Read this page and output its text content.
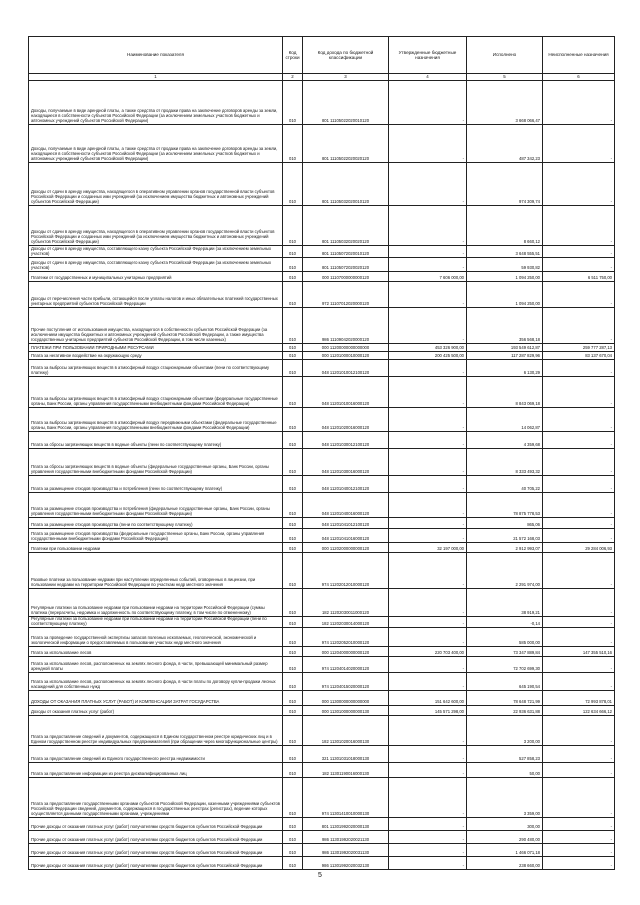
Наименование показателя	Код строки	Код дохода по бюджетной классификации	Утвержденные бюджетные назначения	Исполнено	Неисполненные назначения
1	2	3	4	5	6
Доходы, получаемые в виде арендной платы, а также средства от продажи права на заключение договоров аренды за земли, находящиеся в собственности субъектов Российской Федерации (за исключением земельных участков бюджетных и автономных учреждений субъектов Российской Федерации)	010	801 11105022020010120	-	3 668 066,47	-
Доходы, получаемые в виде арендной платы, а также средства от продажи права на заключение договоров аренды за земли, находящиеся в собственности субъектов Российской Федерации (за исключением земельных участков бюджетных и автономных учреждений субъектов Российской Федерации)	010	801 11105022020020120	-	487 342,23	-
Доходы от сдачи в аренду имущества, находящегося в оперативном управлении органов государственной власти субъектов Российской Федерации и созданных ими учреждений (за исключением имущества бюджетных и автономных учреждений субъектов Российской Федерации)	010	801 11105032020010120	-	974 309,74	-
Доходы от сдачи в аренду имущества, находящегося в оперативном управлении органов государственной власти субъектов Российской Федерации и созданных ими учреждений (за исключением имущества бюджетных и автономных учреждений субъектов Российской Федерации)	010	801 11105032020020120	-	8 660,12	-
Доходы от сдачи в аренду имущества, составляющего казну субъекта Российской Федерации (за исключением земельных участков)	010	801 11105072020010120	-	3 648 555,51	-
Доходы от сдачи в аренду имущества, составляющего казну субъекта Российской Федерации (за исключением земельных участков)	010	801 11105072020020120	-	59 930,82	-
Платежи от государственных и муниципальных унитарных предприятий	010	000 11107000000000120	7 606 000,00	1 094 250,00	6 511 750,00
Доходы от перечисления части прибыли, остающейся после уплаты налогов и иных обязательных платежей государственных унитарных предприятий субъектов Российской Федерации	010	972 11107012020000120	-	1 094 250,00	-
Прочие поступления от использования имущества, находящегося в собственности субъектов Российской Федерации (за исключением имущества бюджетных и автономных учреждений субъектов Российской Федерации, а также имущества государственных унитарных предприятий субъектов Российской Федерации, в том числе казенных)	010	986 11109042020000120	-	356 568,18	-
ПЛАТЕЖИ ПРИ ПОЛЬЗОВАНИИ ПРИРОДНЫМИ РЕСУРСАМИ	010	000 11200000000000000	453 326 900,00	193 549 612,87	259 777 287,13
Плата за негативное воздействие на окружающую среду	010	000 11201000010000120	200 425 500,00	117 287 829,96	83 137 670,04
Плата за выбросы загрязняющих веществ в атмосферный воздух стационарными объектами (пени по соответствующему платежу)	010	048 11201010012100120	-	6 130,29	-
Плата за выбросы загрязняющих веществ в атмосферный воздух стационарными объектами (федеральные государственные органы, Банк России, органы управления государственными внебюджетными фондами Российской Федерации)	010	048 11201010016000120	-	8 843 069,18	-
Плата за выбросы загрязняющих веществ в атмосферный воздух передвижными объектами (федеральные государственные органы, Банк России, органы управления государственными внебюджетными фондами Российской Федерации)	010	048 11201020016000120	-	14 062,87	-
Плата за сбросы загрязняющих веществ в водные объекты (пени по соответствующему платежу)	010	048 11201030012100120	-	4 359,68	-
Плата за сбросы загрязняющих веществ в водные объекты (федеральные государственные органы, Банк России, органы управления государственными внебюджетными фондами Российской Федерации)	010	048 11201030016000120	-	8 333 493,32	-
Плата за размещение отходов производства и потребления (пени по соответствующему платежу)	010	048 11201040012100120	-	40 705,22	-
Плата за размещение отходов производства и потребления (федеральные государственные органы, Банк России, органы управления государственными внебюджетными фондами Российской Федерации)	010	048 11201040016000120	-	78 875 778,53	-
Плата за размещение отходов производства (пени по соответствующему платежу)	010	048 11201041012100120	-	865,06	-
Плата за размещение отходов производства (федеральные государственные органы, Банк России, органы управления государственными внебюджетными фондами Российской Федерации)	010	048 11201041016000120	-	21 572 168,03	-
Платежи при пользовании недрами	010	000 11202000000000120	32 197 000,00	2 912 993,07	29 284 006,93
Разовые платежи за пользование недрами при наступлении определенных событий, оговоренных в лицензии, при пользовании недрами на территории Российской Федерации по участкам недр местного значения	010	974 11202012010000120	-	2 291 974,00	-
Регулярные платежи за пользование недрами при пользовании недрами на территории Российской Федерации (суммы платежа (перерасчеты, недоимка и задолженность по соответствующему платежу, в том числе по отмененному)	010	182 11202030011000120	-	38 919,21	-
Регулярные платежи за пользование недрами при пользовании недрами на территории Российской Федерации (пени по соответствующему платежу)	010	182 11202030014000120	-	-0,14	-
Плата за проведение государственной экспертизы запасов полезных ископаемых, геологической, экономической и экологической информации о предоставляемых в пользование участках недр местного значения	010	974 11202052010000120	-	585 000,00	-
Плата за использование лесов	010	000 11204000000000120	220 703 400,00	73 347 889,84	147 355 510,16
Плата за использование лесов, расположенных на землях лесного фонда, в части, превышающей минимальный размер арендной платы	010	974 11204014020000120	-	72 702 699,30	-
Плата за использование лесов, расположенных на землях лесного фонда, в части платы по договору купли-продажи лесных насаждений для собственных нужд	010	974 11204015020000120	-	645 190,54	-
ДОХОДЫ ОТ ОКАЗАНИЯ ПЛАТНЫХ УСЛУГ (РАБОТ) И КОМПЕНСАЦИИ ЗАТРАТ ГОСУДАРСТВА	010	000 11300000000000000	151 642 600,00	78 648 721,99	72 993 878,01
Доходы от оказания платных услуг (работ)	010	000 11301000000000130	145 571 298,00	22 936 631,88	122 634 666,12
Плата за предоставление сведений и документов, содержащихся в Едином государственном реестре юридических лиц и в Едином государственном реестре индивидуальных предпринимателей (при обращении через многофункциональные центры)	010	182 11301020016000130	-	3 200,00	-
Плата за предоставление сведений из Единого государственного реестра недвижимости	010	321 11301031018000130	-	527 858,23	-
Плата за предоставление информации из реестра дисквалифицированных лиц	010	182 11301190016000130	-	50,00	-
Плата за предоставление государственными органами субъектов Российской Федерации, казенными учреждениями субъектов Российской Федерации сведений, документов, содержащихся в государственных реестрах (регистрах), ведение которых осуществляется данными государственными органами, учреждениями	010	974 11301410010000130	-	3 359,00	-
Прочие доходы от оказания платных услуг (работ) получателями средств бюджетов субъектов Российской Федерации	010	801 11301992020000130	-	300,00	-
Прочие доходы от оказания платных услуг (работ) получателями средств бюджетов субъектов Российской Федерации	010	986 11301992020021130	-	290 480,00	-
Прочие доходы от оказания платных услуг (работ) получателями средств бюджетов субъектов Российской Федерации	010	986 11301992020031130	-	1 466 071,18	-
Прочие доходы от оказания платных услуг (работ) получателями средств бюджетов субъектов Российской Федерации	010	986 11301992020032130	-	238 660,00	-
5
